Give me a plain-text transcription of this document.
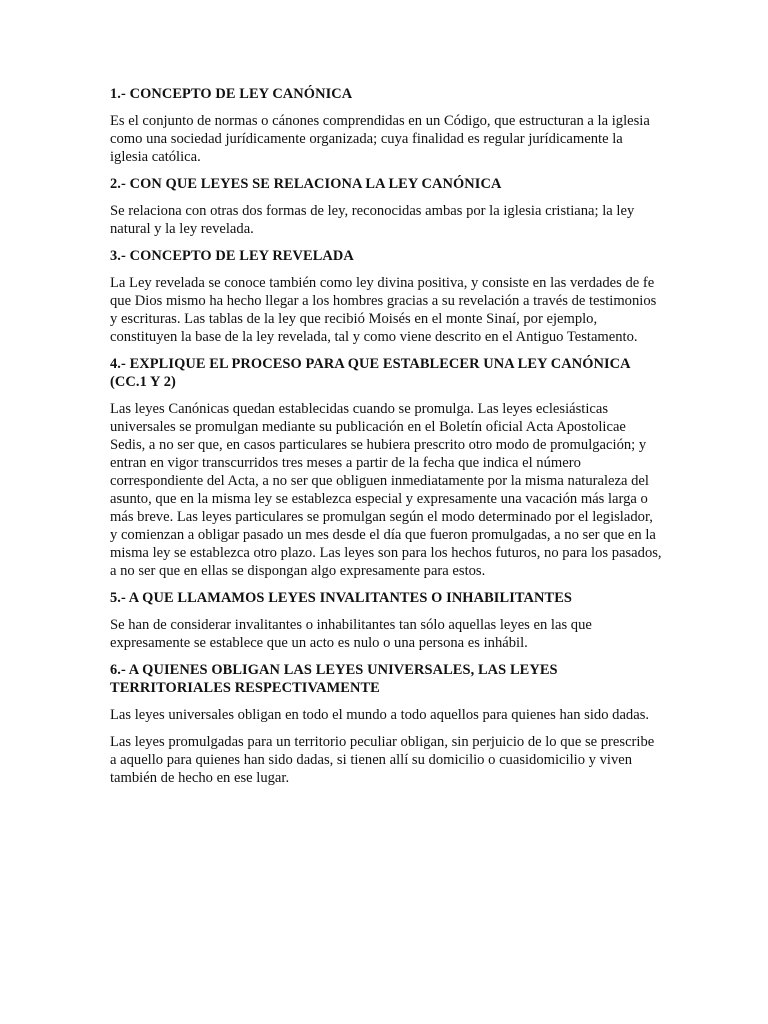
1.- CONCEPTO DE LEY CANÓNICA

Es el conjunto de normas o cánones comprendidas en un Código, que estructuran a la iglesia como una sociedad jurídicamente organizada; cuya finalidad es regular jurídicamente la iglesia católica.

2.- CON QUE LEYES SE RELACIONA LA LEY CANÓNICA

Se relaciona con otras dos formas de ley, reconocidas ambas por la iglesia cristiana; la ley natural y la ley revelada.

3.- CONCEPTO DE LEY REVELADA

La Ley revelada se conoce también como ley divina positiva, y consiste en las verdades de fe que Dios mismo ha hecho llegar a los hombres gracias a su revelación a través de testimonios y escrituras. Las tablas de la ley que recibió Moisés en el monte Sinaí, por ejemplo, constituyen la base de la ley revelada, tal y como viene descrito en el Antiguo Testamento.

4.- EXPLIQUE EL PROCESO PARA QUE ESTABLECER UNA LEY CANÓNICA (CC.1 Y 2)

Las leyes Canónicas quedan establecidas cuando se promulga. Las leyes eclesiásticas universales se promulgan mediante su publicación en el Boletín oficial Acta Apostolicae Sedis, a no ser que, en casos particulares se hubiera prescrito otro modo de promulgación; y entran en vigor transcurridos tres meses a partir de la fecha que indica el número correspondiente del Acta, a no ser que obliguen inmediatamente por la misma naturaleza del asunto, que en la misma ley se establezca especial y expresamente una vacación más larga o más breve. Las leyes particulares se promulgan según el modo determinado por el legislador, y comienzan a obligar pasado un mes desde el día que fueron promulgadas, a no ser que en la misma ley se establezca otro plazo. Las leyes son para los hechos futuros, no para los pasados, a no ser que en ellas se dispongan algo expresamente para estos.

5.- A QUE LLAMAMOS LEYES INVALITANTES O INHABILITANTES

Se han de considerar invalitantes o inhabilitantes tan sólo aquellas leyes en las que expresamente se establece que un acto es nulo o una persona es inhábil.

6.- A QUIENES OBLIGAN LAS LEYES UNIVERSALES, LAS LEYES TERRITORIALES RESPECTIVAMENTE

Las leyes universales obligan en todo el mundo a todo aquellos para quienes han sido dadas.

Las leyes promulgadas para un territorio peculiar obligan, sin perjuicio de lo que se prescribe a aquello para quienes han sido dadas, si tienen allí su domicilio o cuasidomicilio y viven también de hecho en ese lugar.
